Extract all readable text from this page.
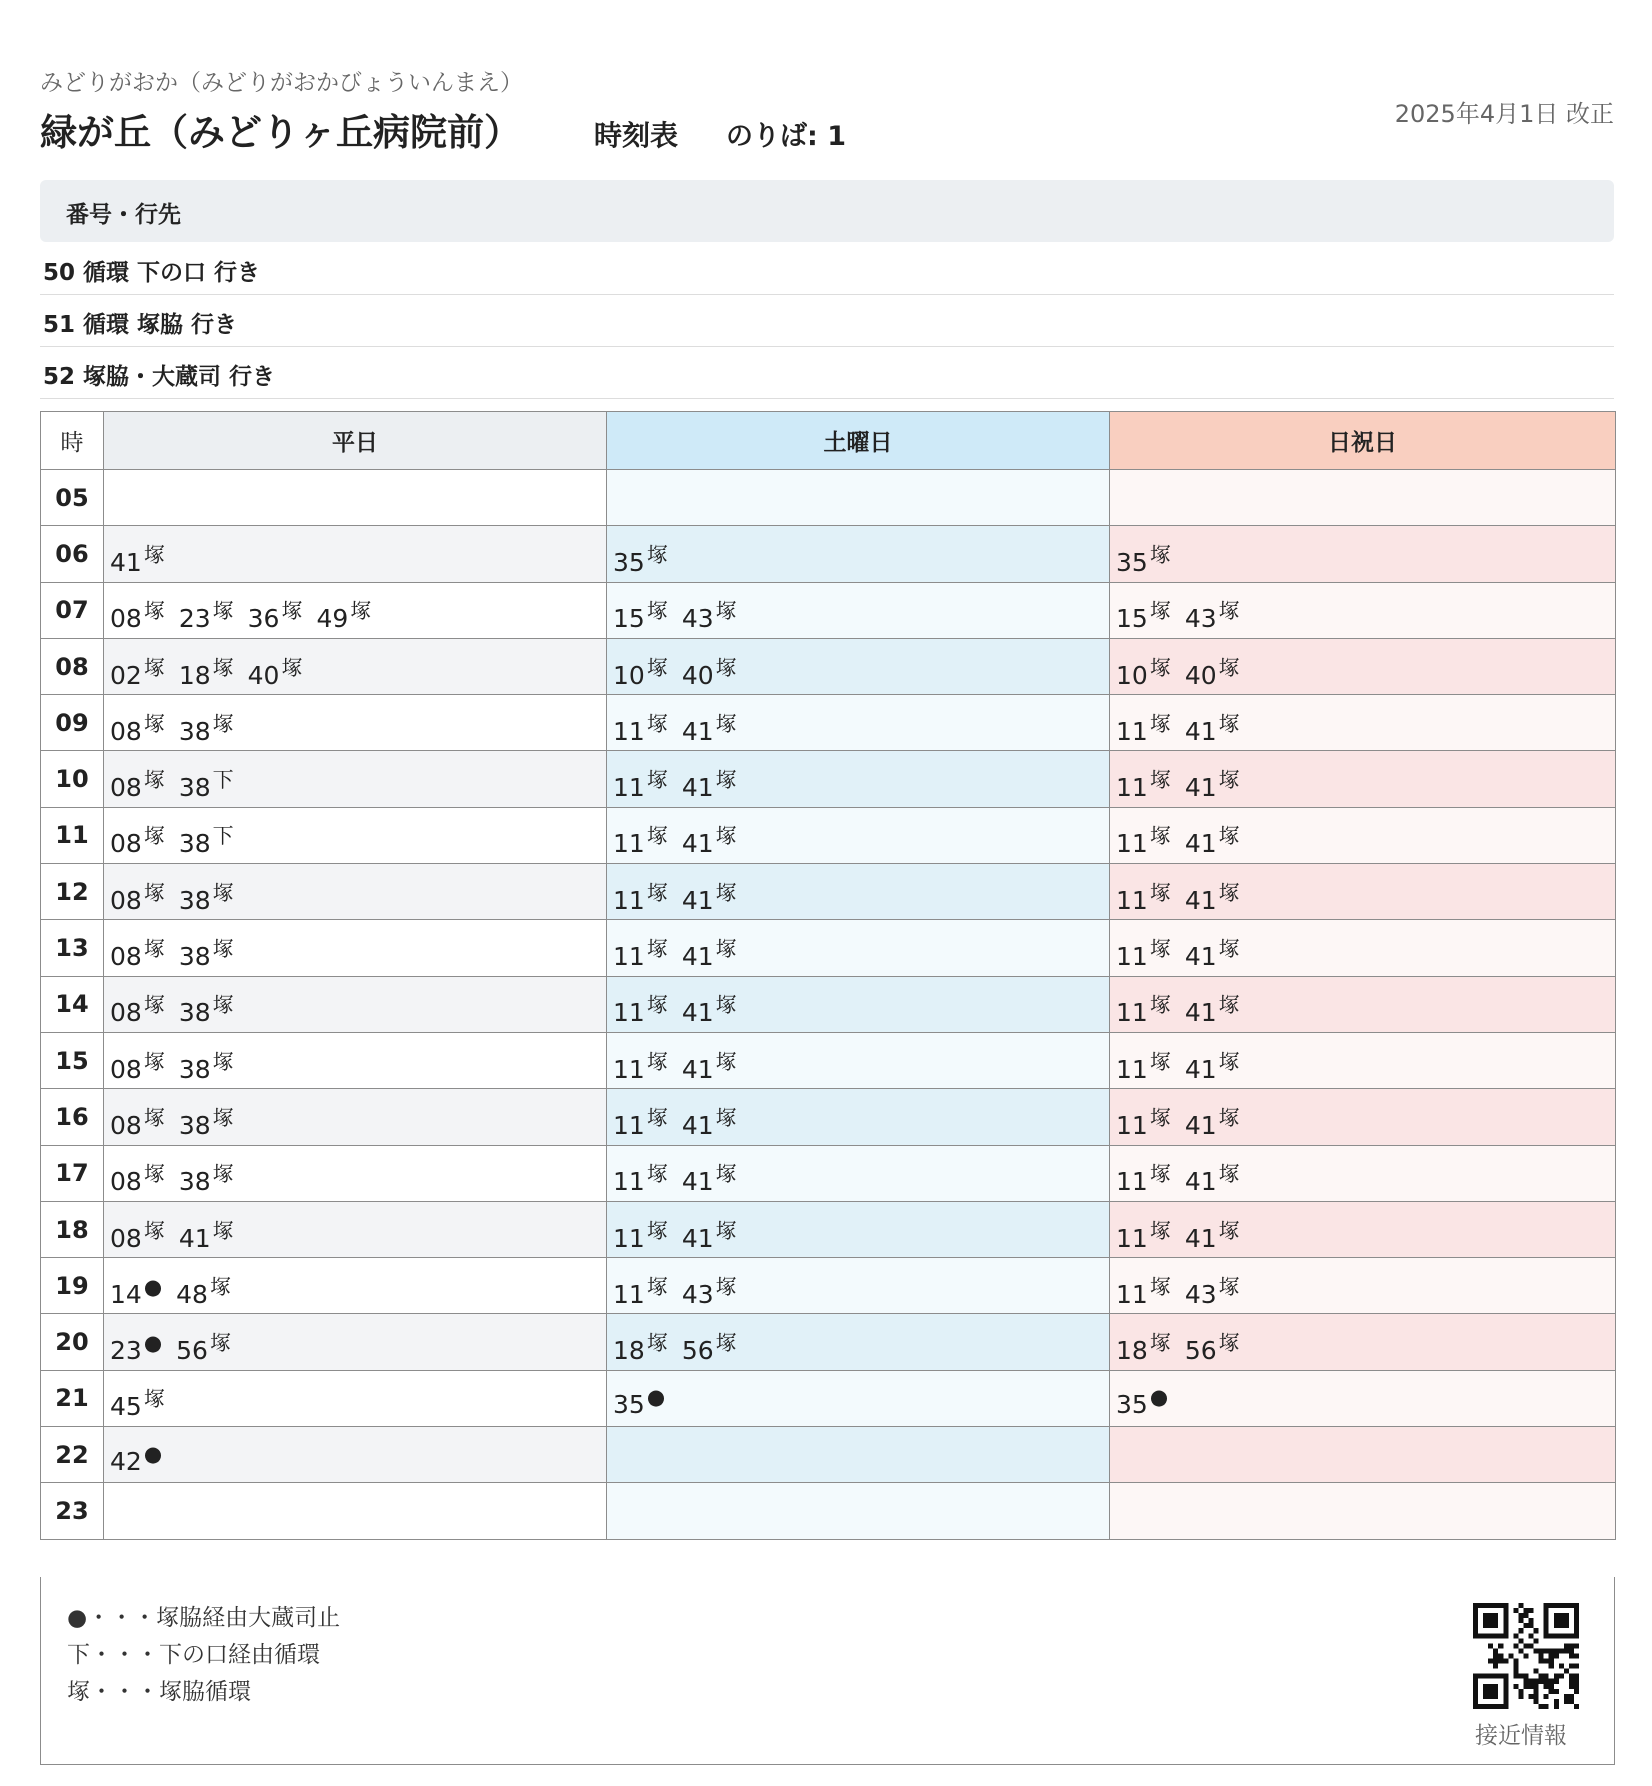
みどりがおか（みどりがおかびょういんまえ）
緑が丘（みどりヶ丘病院前）	時刻表 のりば: 1
2025年4月1日 改正
番号・行先
50 循環 下の口 行き
51 循環 塚脇 行き
52 塚脇・大蔵司 行き
時	平日	土曜日	日祝日
05			
06	$41^塚$	$35^塚$	$35^塚$
07	$08^塚$ $23^塚$ $36^塚$ $49^塚$	$15^塚$ $43^塚$	$15^塚$ $43^塚$
08	$02^塚$ $18^塚$ $40^塚$	$10^塚$ $40^塚$	$10^塚$ $40^塚$
09	$08^塚$ $38^塚$	$11^塚$ $41^塚$	$11^塚$ $41^塚$
10	$08^塚$ $38^下$	$11^塚$ $41^塚$	$11^塚$ $41^塚$
11	$08^塚$ $38^下$	$11^塚$ $41^塚$	$11^塚$ $41^塚$
12	$08^塚$ $38^塚$	$11^塚$ $41^塚$	$11^塚$ $41^塚$
13	$08^塚$ $38^塚$	$11^塚$ $41^塚$	$11^塚$ $41^塚$
14	$08^塚$ $38^塚$	$11^塚$ $41^塚$	$11^塚$ $41^塚$
15	$08^塚$ $38^塚$	$11^塚$ $41^塚$	$11^塚$ $41^塚$
16	$08^塚$ $38^塚$	$11^塚$ $41^塚$	$11^塚$ $41^塚$
17	$08^塚$ $38^塚$	$11^塚$ $41^塚$	$11^塚$ $41^塚$
18	$08^塚$ $41^塚$	$11^塚$ $41^塚$	$11^塚$ $41^塚$
19	14● $48^塚$	$11^塚$ $43^塚$	$11^塚$ $43^塚$
20	23● $56^塚$	$18^塚$ $56^塚$	$18^塚$ $56^塚$
21	$45^塚$	35●	35●
22	42●		
23			
●・・・塚脇経由大蔵司止
下・・・下の口経由循環
塚・・・塚脇循環
接近情報
